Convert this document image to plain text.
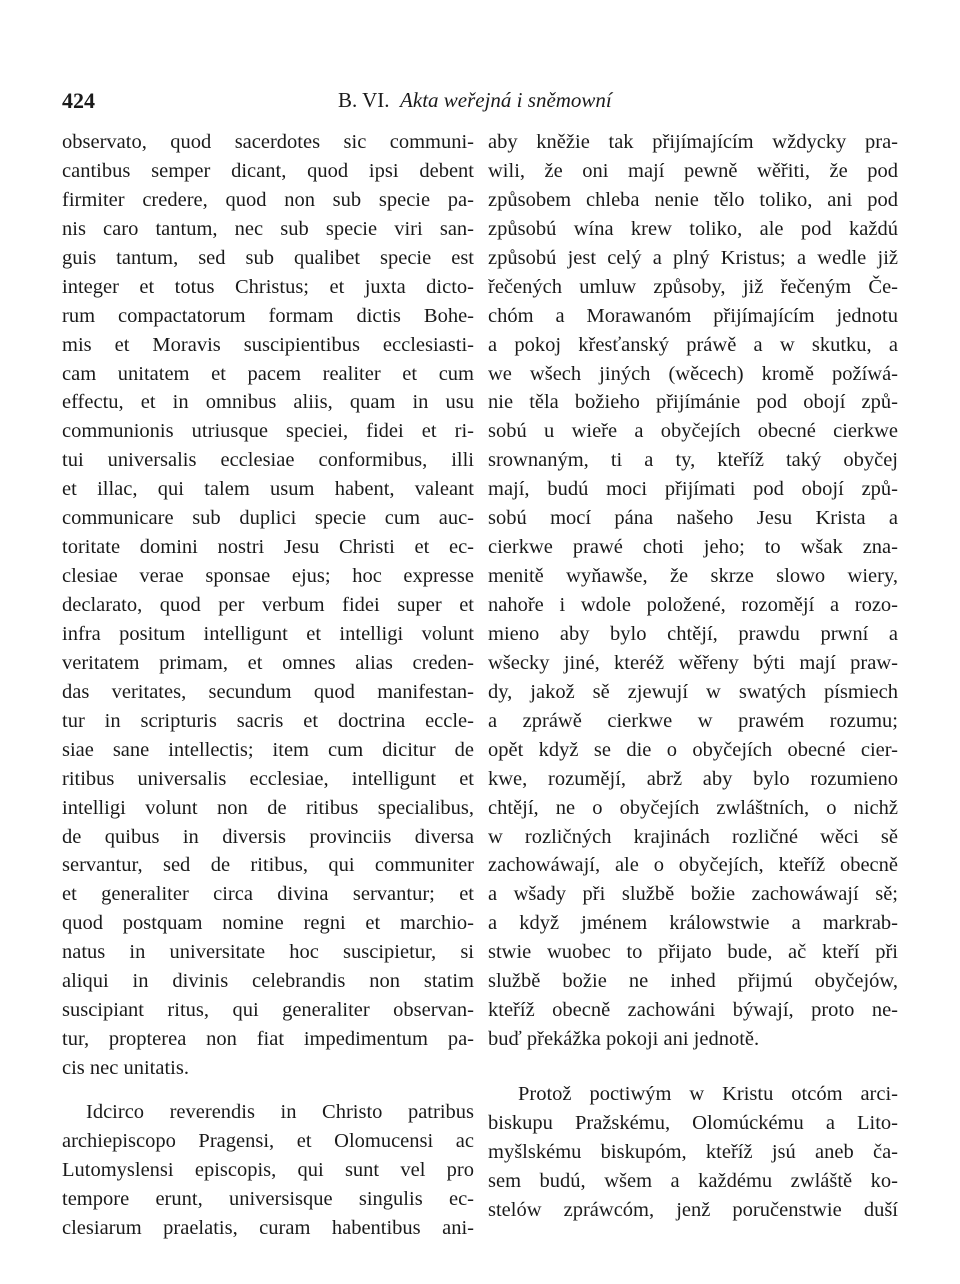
424	B. VI. Akta weřejná i sněmowní
observato, quod sacerdotes sic communi-
cantibus semper dicant, quod ipsi debent
firmiter credere, quod non sub specie pa-
nis caro tantum, nec sub specie viri san-
guis tantum, sed sub qualibet specie est
integer et totus Christus; et juxta dicto-
rum compactatorum formam dictis Bohe-
mis et Moravis suscipientibus ecclesiasti-
cam unitatem et pacem realiter et cum
effectu, et in omnibus aliis, quam in usu
communionis utriusque speciei, fidei et ri-
tui universalis ecclesiae conformibus, illi
et illac, qui talem usum habent, valeant
communicare sub duplici specie cum auc-
toritate domini nostri Jesu Christi et ec-
clesiae verae sponsae ejus; hoc expresse
declarato, quod per verbum fidei super et
infra positum intelligunt et intelligi volunt
veritatem primam, et omnes alias creden-
das veritates, secundum quod manifestan-
tur in scripturis sacris et doctrina eccle-
siae sane intellectis; item cum dicitur de
ritibus universalis ecclesiae, intelligunt et
intelligi volunt non de ritibus specialibus,
de quibus in diversis provinciis diversa
servantur, sed de ritibus, qui communiter
et generaliter circa divina servantur; et
quod postquam nomine regni et marchio-
natus in universitate hoc suscipietur, si
aliqui in divinis celebrandis non statim
suscipiant ritus, qui generaliter observan-
tur, propterea non fiat impedimentum pa-
cis nec unitatis.
Idcirco reverendis in Christo patribus
archiepiscopo Pragensi, et Olomucensi ac
Lutomyslensi episcopis, qui sunt vel pro
tempore erunt, universisque singulis ec-
clesiarum praelatis, curam habentibus ani-
aby kněžie tak přijímajícím wždycky pra-
wili, že oni mají pewně wěřiti, že pod
způsobem chleba nenie tělo toliko, ani pod
způsobú wína krew toliko, ale pod každú
způsobú jest celý a plný Kristus; a wedle již
řečených umluw způsoby, již řečeným Če-
chóm a Morawanóm přijímajícím jednotu
a pokoj křesťanský práwě a w skutku, a
we wšech jiných (wěcech) kromě požíwá-
nie těla božieho přijímánie pod obojí způ-
sobú u wieře a obyčejích obecné cierkwe
srownaným, ti a ty, kteříž taký obyčej
mají, budú moci přijímati pod obojí způ-
sobú mocí pána našeho Jesu Krista a
cierkwe prawé choti jeho; to wšak zna-
menitě wyňawše, že skrze slowo wiery,
nahoře i wdole položené, rozomějí a rozo-
mieno aby bylo chtějí, prawdu prwní a
wšecky jiné, kteréž wěřeny býti mají praw-
dy, jakož sě zjewují w swatých písmiech
a zpráwě cierkwe w prawém rozumu;
opět když se die o obyčejích obecné cier-
kwe, rozumějí, abrž aby bylo rozumieno
chtějí, ne o obyčejích zwláštních, o nichž
w rozličných krajinách rozličné wěci sě
zachowáwají, ale o obyčejích, kteříž obecně
a wšady při službě božie zachowáwají sě;
a když jménem králowstwie a markrab-
stwie wuobec to přijato bude, ač kteří při
službě božie ne inhed přijmú obyčejów,
kteříž obecně zachowáni býwají, proto ne-
buď překážka pokoji ani jednotě.
Protož poctiwým w Kristu otcóm arci-
biskupu Pražskému, Olomúckému a Lito-
myšlskému biskupóm, kteříž jsú aneb ča-
sem budú, wšem a každému zwláště ko-
stelów zpráwcóm, jenž poručenstwie duší
